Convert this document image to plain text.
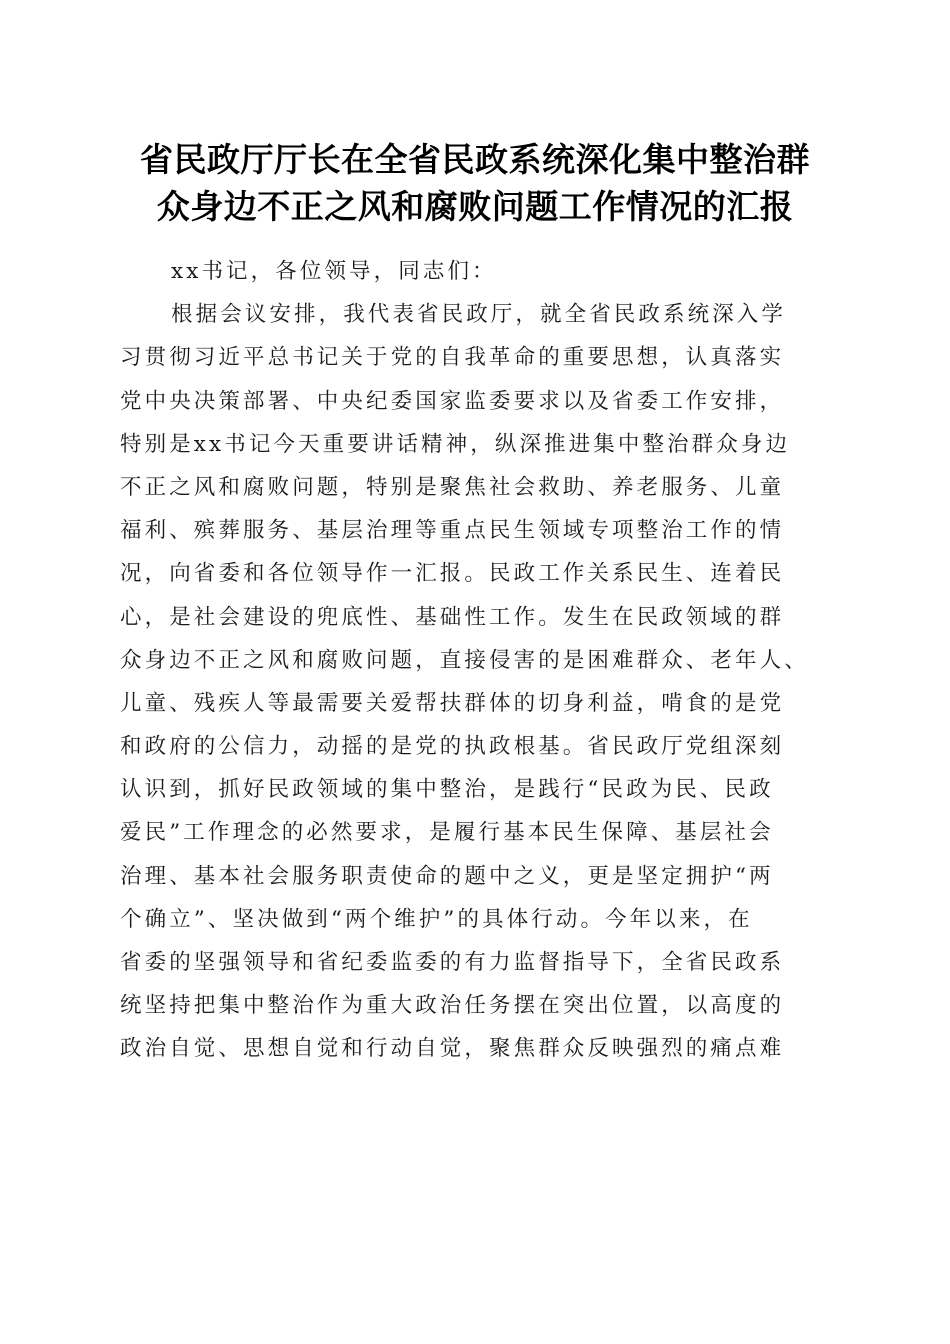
省民政厅厅长在全省民政系统深化集中整治群
众身边不正之风和腐败问题工作情况的汇报
xx书记，各位领导，同志们：
根据会议安排，我代表省民政厅，就全省民政系统深入学
习贯彻习近平总书记关于党的自我革命的重要思想，认真落实
党中央决策部署、中央纪委国家监委要求以及省委工作安排，
特别是xx书记今天重要讲话精神，纵深推进集中整治群众身边
不正之风和腐败问题，特别是聚焦社会救助、养老服务、儿童
福利、殡葬服务、基层治理等重点民生领域专项整治工作的情
况，向省委和各位领导作一汇报。民政工作关系民生、连着民
心，是社会建设的兜底性、基础性工作。发生在民政领域的群
众身边不正之风和腐败问题，直接侵害的是困难群众、老年人、
儿童、残疾人等最需要关爱帮扶群体的切身利益，啃食的是党
和政府的公信力，动摇的是党的执政根基。省民政厅党组深刻
认识到，抓好民政领域的集中整治，是践行“民政为民、民政
爱民”工作理念的必然要求，是履行基本民生保障、基层社会
治理、基本社会服务职责使命的题中之义，更是坚定拥护“两
个确立”、坚决做到“两个维护”的具体行动。今年以来，在
省委的坚强领导和省纪委监委的有力监督指导下，全省民政系
统坚持把集中整治作为重大政治任务摆在突出位置，以高度的
政治自觉、思想自觉和行动自觉，聚焦群众反映强烈的痛点难
